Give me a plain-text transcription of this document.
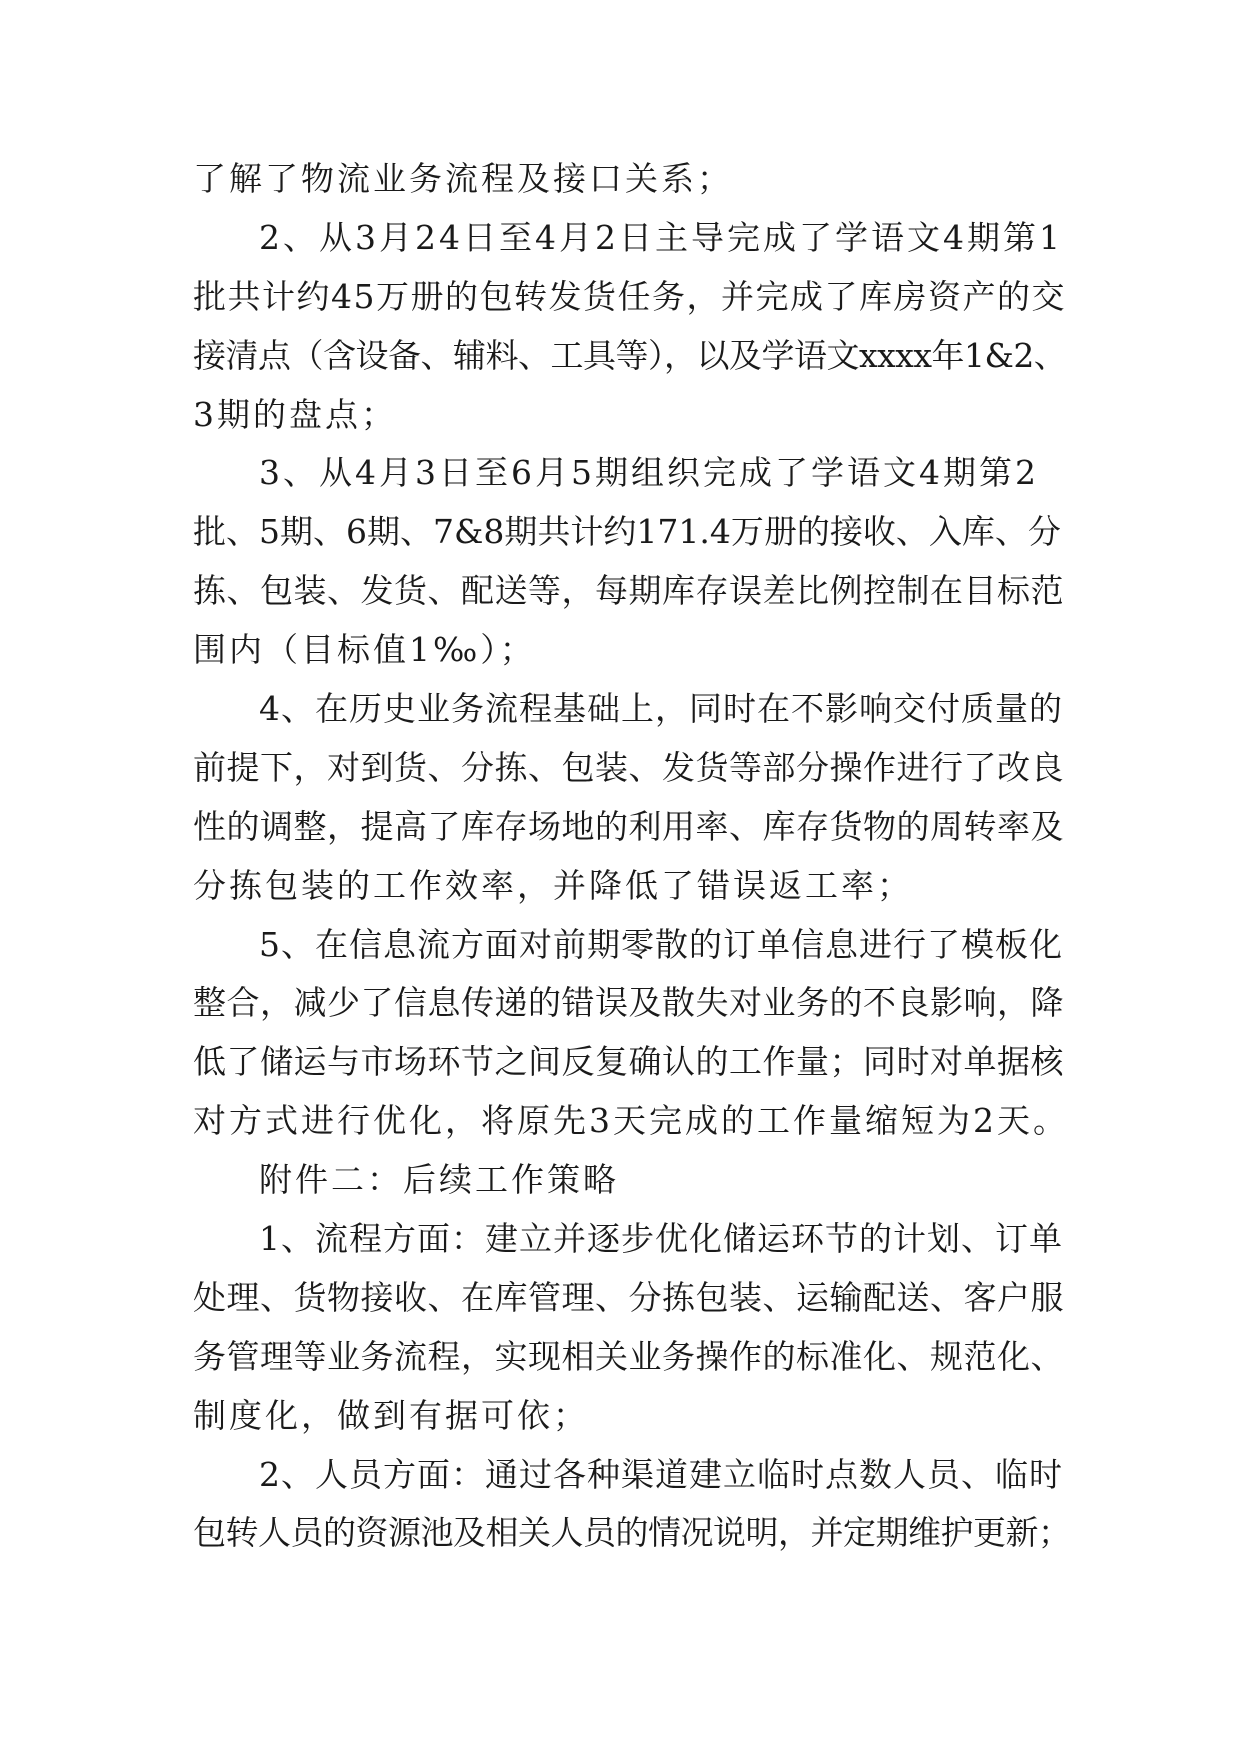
了解了物流业务流程及接口关系；
2、从3月24日至4月2日主导完成了学语文4期第1
批共计约45万册的包转发货任务，并完成了库房资产的交
接清点（含设备、辅料、工具等），以及学语文xxxx年1&2、
3期的盘点；
3、从4月3日至6月5期组织完成了学语文4期第2
批、5期、6期、7&8期共计约171.4万册的接收、入库、分
拣、包装、发货、配送等，每期库存误差比例控制在目标范
围内（目标值1‰）；
4、在历史业务流程基础上，同时在不影响交付质量的
前提下，对到货、分拣、包装、发货等部分操作进行了改良
性的调整，提高了库存场地的利用率、库存货物的周转率及
分拣包装的工作效率，并降低了错误返工率；
5、在信息流方面对前期零散的订单信息进行了模板化
整合，减少了信息传递的错误及散失对业务的不良影响，降
低了储运与市场环节之间反复确认的工作量；同时对单据核
对方式进行优化，将原先3天完成的工作量缩短为2天。
附件二：后续工作策略
1、流程方面：建立并逐步优化储运环节的计划、订单
处理、货物接收、在库管理、分拣包装、运输配送、客户服
务管理等业务流程，实现相关业务操作的标准化、规范化、
制度化，做到有据可依；
2、人员方面：通过各种渠道建立临时点数人员、临时
包转人员的资源池及相关人员的情况说明，并定期维护更新；
